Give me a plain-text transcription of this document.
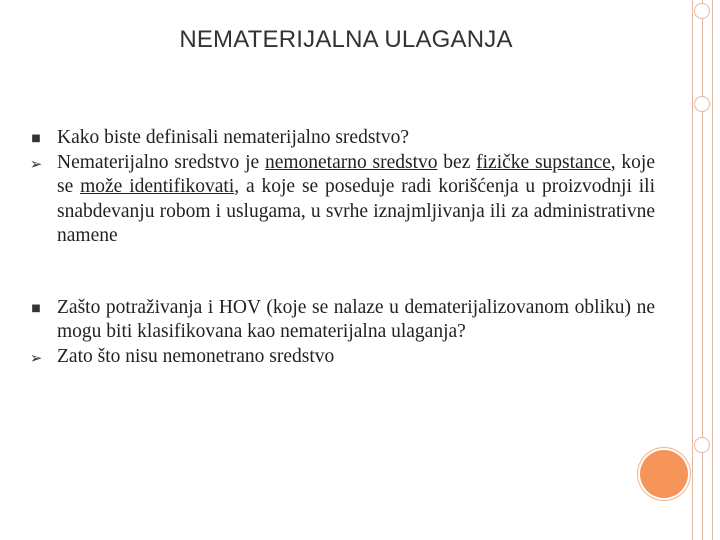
NEMATERIJALNA ULAGANJA
■ Kako biste definisali nematerijalno sredstvo?
➢ Nematerijalno sredstvo je nemonetarno sredstvo bez fizičke supstance, koje se može identifikovati, a koje se poseduje radi korišćenja u proizvodnji ili snabdevanju robom i uslugama, u svrhe iznajmljivanja ili za administrativne namene
■ Zašto potraživanja i HOV (koje se nalaze u dematerijalizovanom obliku) ne mogu biti klasifikovana kao nematerijalna ulaganja?
➢ Zato što nisu nemonetrano sredstvo
